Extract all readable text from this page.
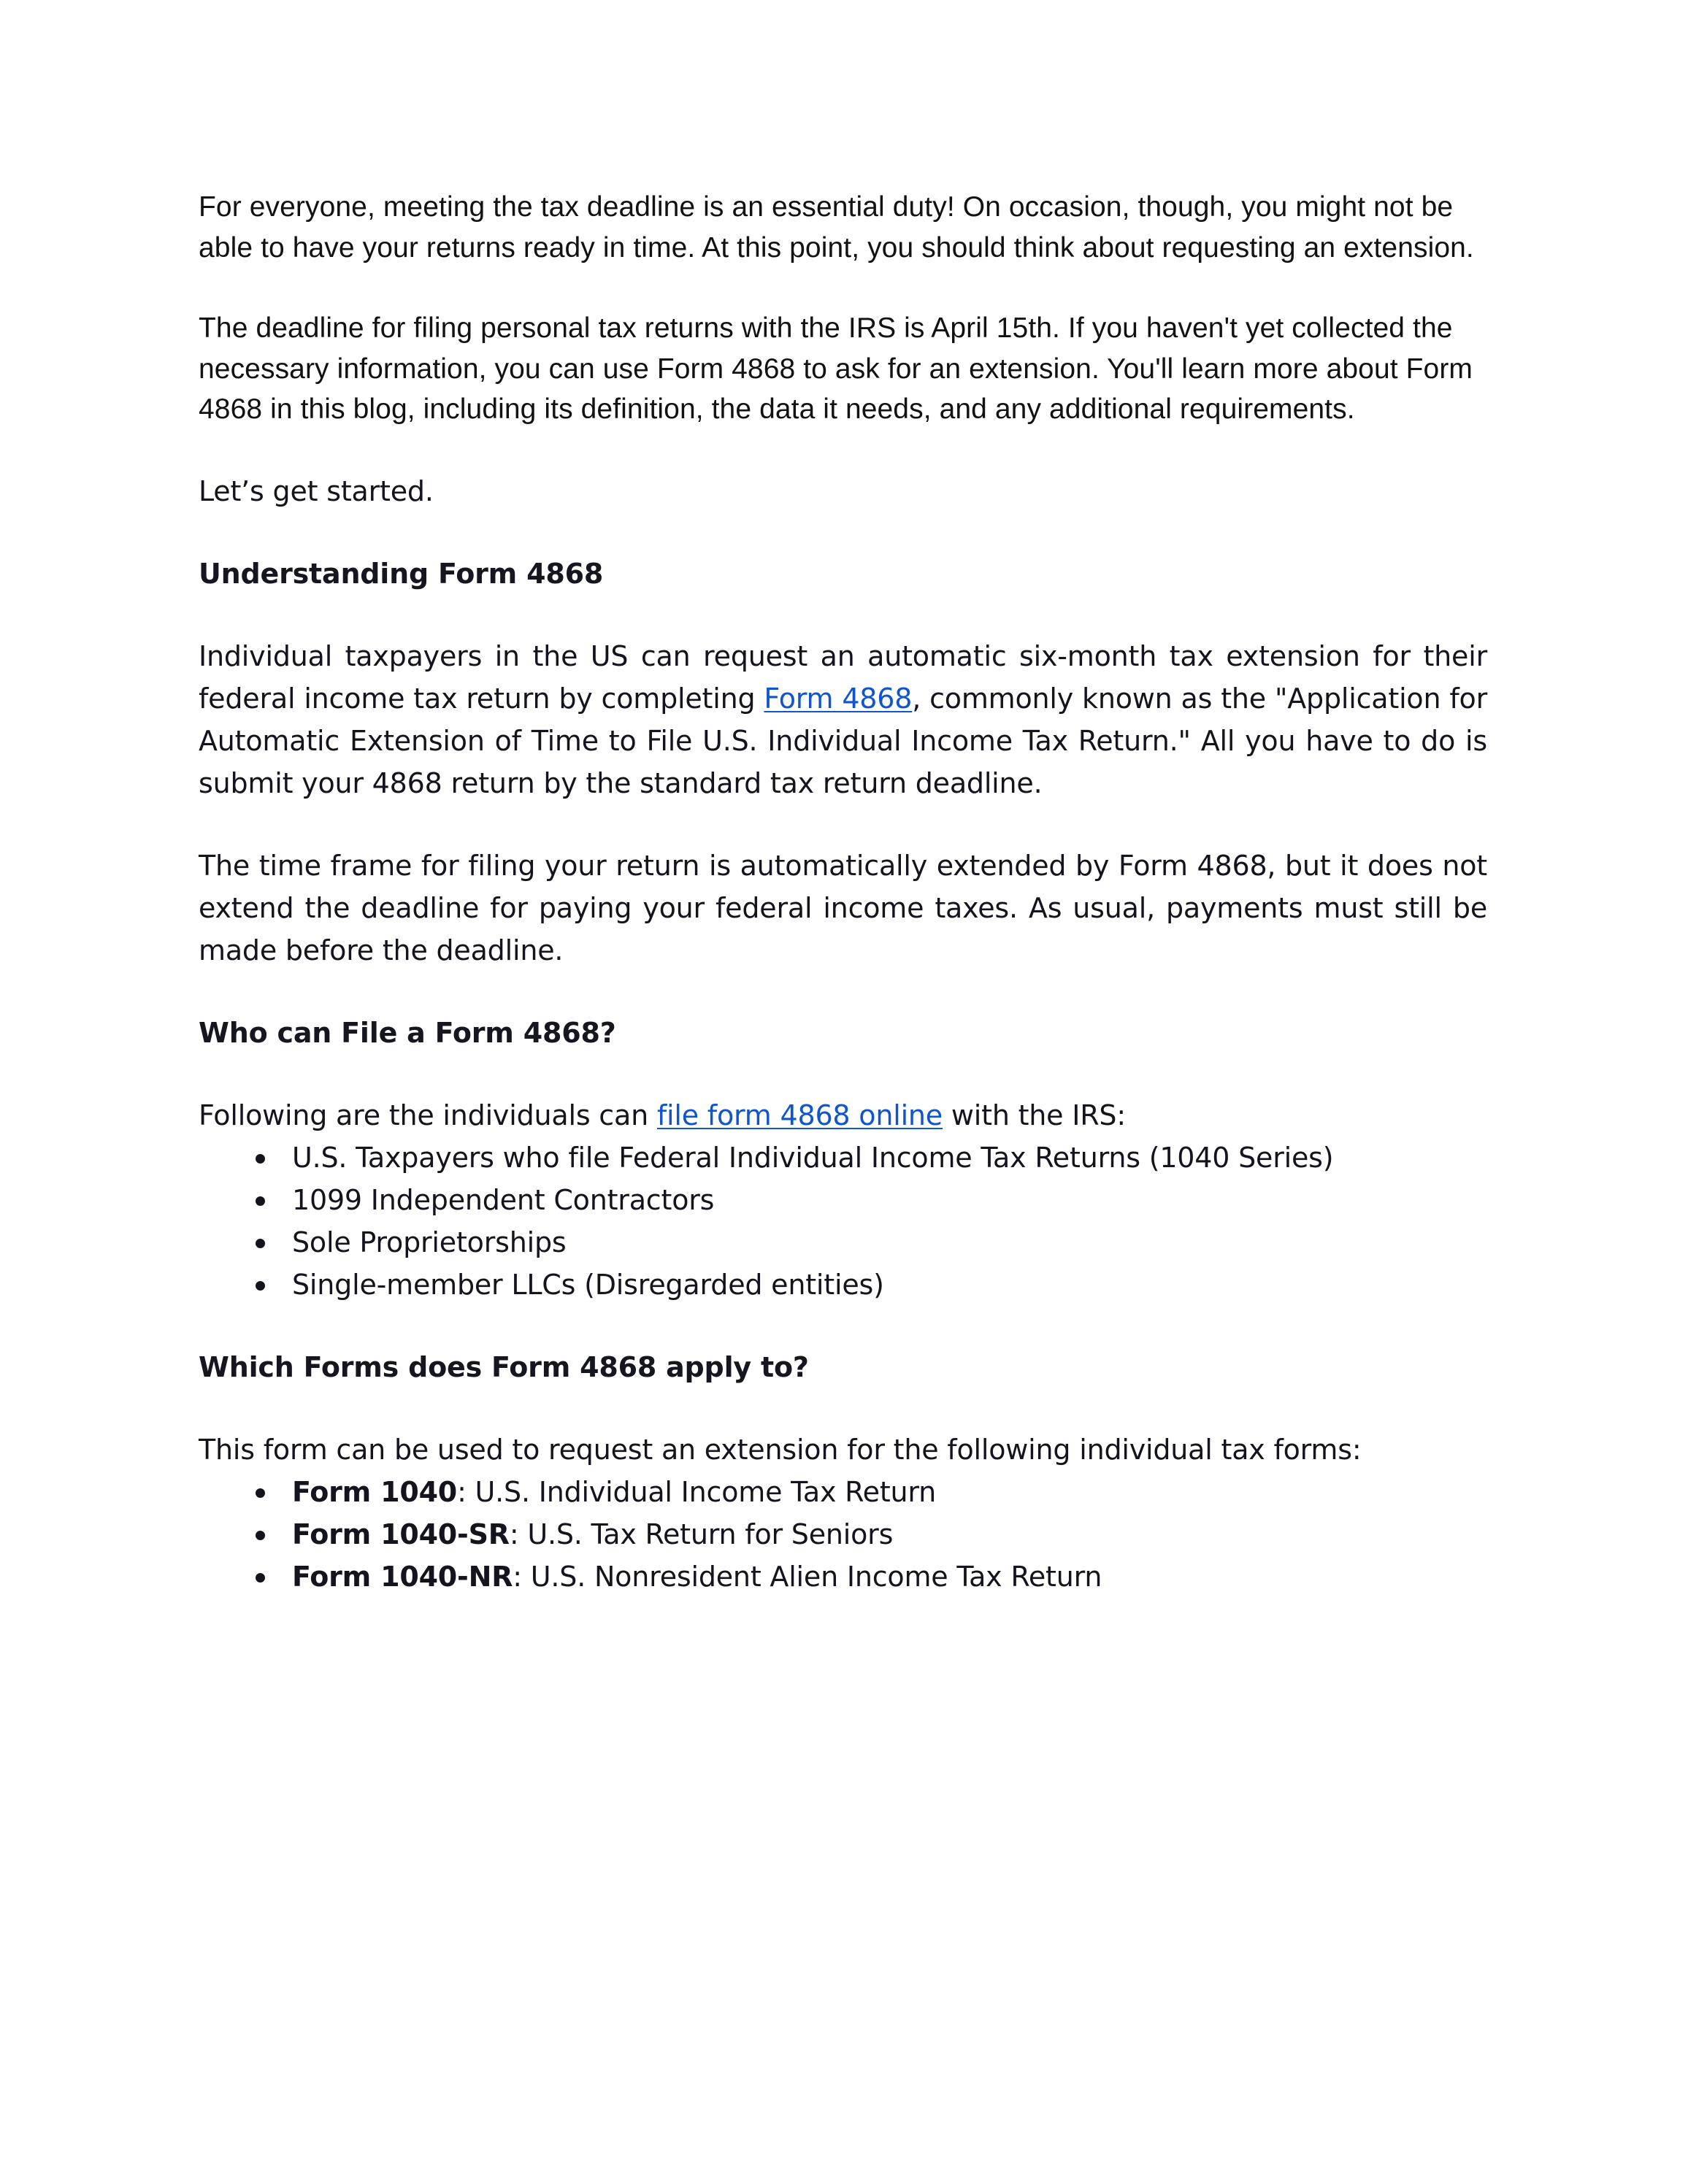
For everyone, meeting the tax deadline is an essential duty! On occasion, though, you might not be able to have your returns ready in time. At this point, you should think about requesting an extension.

The deadline for filing personal tax returns with the IRS is April 15th. If you haven't yet collected the necessary information, you can use Form 4868 to ask for an extension. You'll learn more about Form 4868 in this blog, including its definition, the data it needs, and any additional requirements.

Let’s get started.

Understanding Form 4868

Individual taxpayers in the US can request an automatic six-month tax extension for their federal income tax return by completing Form 4868, commonly known as the "Application for Automatic Extension of Time to File U.S. Individual Income Tax Return." All you have to do is submit your 4868 return by the standard tax return deadline.

The time frame for filing your return is automatically extended by Form 4868, but it does not extend the deadline for paying your federal income taxes. As usual, payments must still be made before the deadline.

Who can File a Form 4868?

Following are the individuals can file form 4868 online with the IRS:

U.S. Taxpayers who file Federal Individual Income Tax Returns (1040 Series)
1099 Independent Contractors
Sole Proprietorships
Single-member LLCs (Disregarded entities)
Which Forms does Form 4868 apply to?

This form can be used to request an extension for the following individual tax forms:

Form 1040: U.S. Individual Income Tax Return
Form 1040-SR: U.S. Tax Return for Seniors
Form 1040-NR: U.S. Nonresident Alien Income Tax Return
